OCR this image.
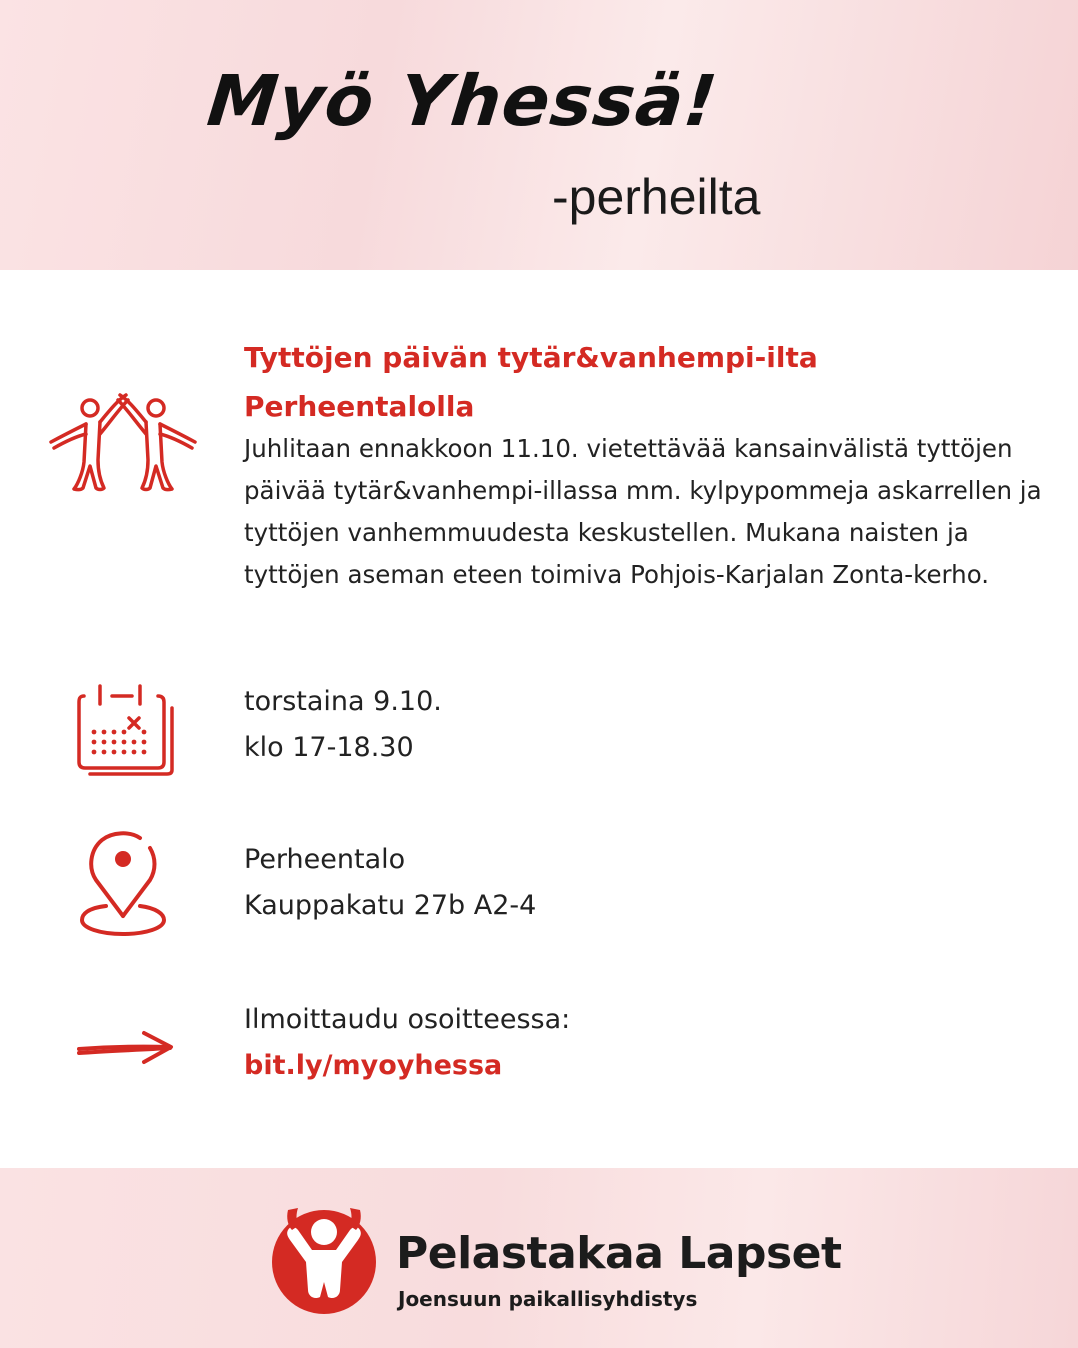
Myö Yhessä!
-perheilta
Tyttöjen päivän tytär&vanhempi-ilta
Perheentalolla
Juhlitaan ennakkoon 11.10. vietettävää kansainvälistä tyttöjen päivää tytär&vanhempi-illassa mm. kylpypommeja askarrellen ja tyttöjen vanhemmuudesta keskustellen. Mukana naisten ja tyttöjen aseman eteen toimiva Pohjois-Karjalan Zonta-kerho.
torstaina 9.10.
klo 17-18.30
Perheentalo
Kauppakatu 27b A2-4
Ilmoittaudu osoitteessa:
bit.ly/myoyhessa
Pelastakaa Lapset
Joensuun paikallisyhdistys
